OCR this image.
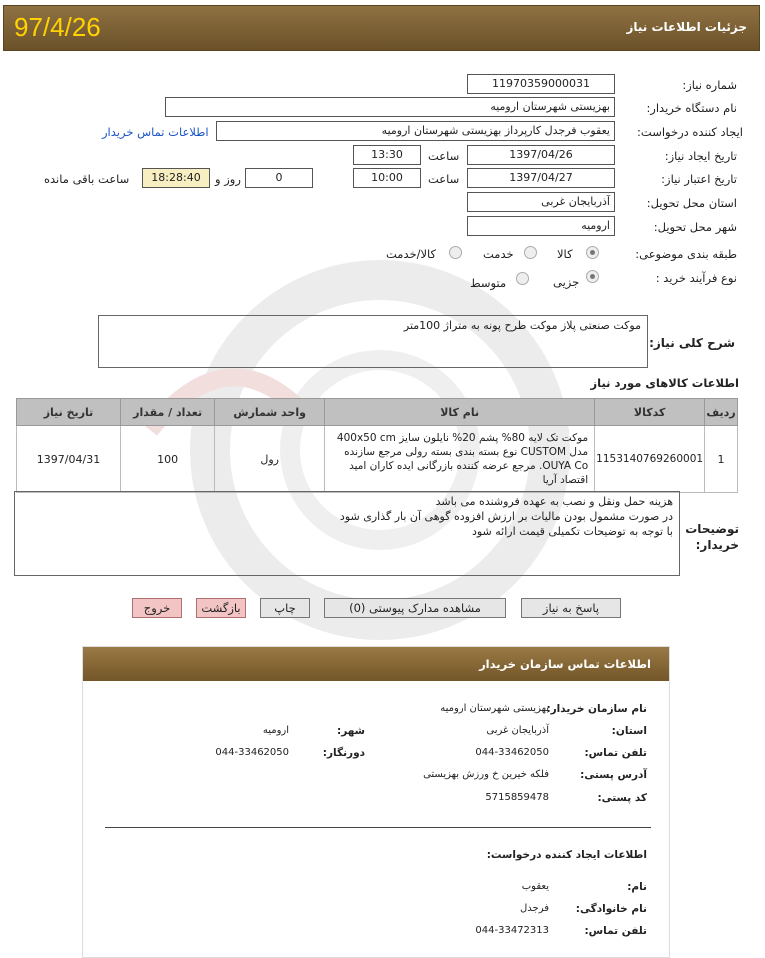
97/4/26	جزئیات اطلاعات نیاز
شماره نیاز:
11970359000031
نام دستگاه خریدار:
بهزیستی شهرستان ارومیه
ایجاد کننده درخواست:
یعقوب فرجدل کارپرداز بهزیستی شهرستان ارومیه
اطلاعات تماس خریدار
تاریخ ایجاد نیاز:
1397/04/26
ساعت
13:30
تاریخ اعتبار نیاز:
1397/04/27
ساعت
10:00
0
روز و
18:28:40
ساعت باقی مانده
استان محل تحویل:
آذربایجان غربی
شهر محل تحویل:
ارومیه
طبقه بندی موضوعی:
کالا
خدمت
کالا/خدمت
نوع فرآیند خرید :
جزیی
متوسط
موکت صنعتی پلاز موکت طرح پونه به متراژ 100متر
شرح کلی نیاز:
اطلاعات کالاهای مورد نیاز
ردیف	کدکالا	نام کالا	واحد شمارش	تعداد / مقدار	تاریخ نیاز
1	1153140769260001	موکت تک لایه 80% پشم 20% نایلون سایز 400x50 cm مدل CUSTOM نوع بسته بندی بسته رولی مرجع سازنده OUYA Co. مرجع عرضه کننده بازرگانی ایده کاران امید اقتصاد آریا	رول	100	1397/04/31
هزینه حمل ونقل و نصب به عهده فروشنده می باشد
در صورت مشمول بودن مالیات بر ارزش افزوده گوهی آن بار گذاری شود
با توجه به توضیحات تکمیلی قیمت ارائه شود	توضیحات خریدار:
پاسخ به نیاز
مشاهده مدارک پیوستی (0)
چاپ
بازگشت
خروج
اطلاعات تماس سازمان خریدار
نام سازمان خریدار:
بهزیستی شهرستان ارومیه
استان:
آذربایجان غربی
شهر:
ارومیه
تلفن تماس:
044-33462050
دورنگار:
044-33462050
آدرس پستی:
فلکه خیرین خ ورزش بهزیستی
کد پستی:
5715859478
اطلاعات ایجاد کننده درخواست:
نام:
یعقوب
نام خانوادگی:
فرجدل
تلفن تماس:
044-33472313
